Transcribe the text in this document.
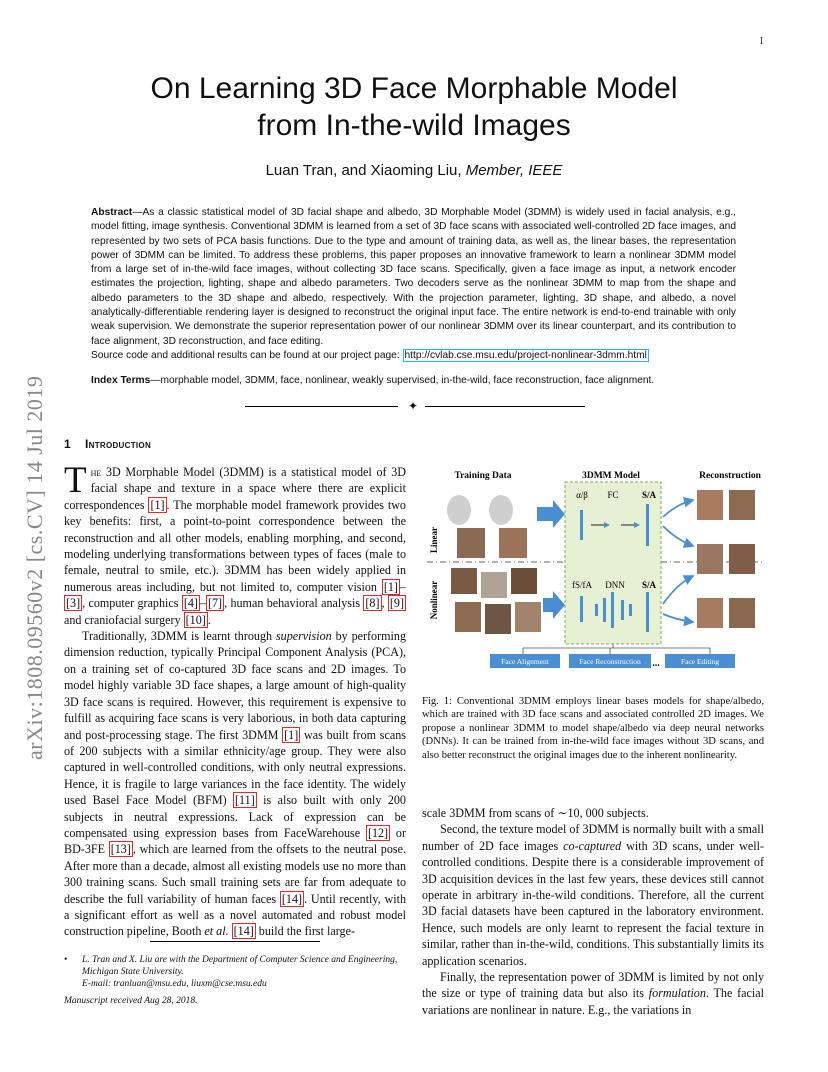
1
arXiv:1808.09560v2 [cs.CV] 14 Jul 2019
On Learning 3D Face Morphable Model
from In-the-wild Images
Luan Tran, and Xiaoming Liu, Member, IEEE
Abstract—As a classic statistical model of 3D facial shape and albedo, 3D Morphable Model (3DMM) is widely used in facial analysis, e.g., model fitting, image synthesis. Conventional 3DMM is learned from a set of 3D face scans with associated well-controlled 2D face images, and represented by two sets of PCA basis functions. Due to the type and amount of training data, as well as, the linear bases, the representation power of 3DMM can be limited. To address these problems, this paper proposes an innovative framework to learn a nonlinear 3DMM model from a large set of in-the-wild face images, without collecting 3D face scans. Specifically, given a face image as input, a network encoder estimates the projection, lighting, shape and albedo parameters. Two decoders serve as the nonlinear 3DMM to map from the shape and albedo parameters to the 3D shape and albedo, respectively. With the projection parameter, lighting, 3D shape, and albedo, a novel analytically-differentiable rendering layer is designed to reconstruct the original input face. The entire network is end-to-end trainable with only weak supervision. We demonstrate the superior representation power of our nonlinear 3DMM over its linear counterpart, and its contribution to face alignment, 3D reconstruction, and face editing.
Source code and additional results can be found at our project page: http://cvlab.cse.msu.edu/project-nonlinear-3dmm.html
Index Terms—morphable model, 3DMM, face, nonlinear, weakly supervised, in-the-wild, face reconstruction, face alignment.
✦
1 Introduction

The 3D Morphable Model (3DMM) is a statistical model of 3D facial shape and texture in a space where there are explicit correspondences [1] . The morphable model framework provides two key benefits: first, a point-to-point correspondence between the reconstruction and all other models, enabling morphing, and second, modeling underlying transformations between types of faces (male to female, neutral to smile, etc.). 3DMM has been widely applied in numerous areas including, but not limited to, computer vision [1] –[3] , computer graphics [4] – [7] , human behavioral analysis [8] , [9] and craniofacial surgery [10] .

Traditionally, 3DMM is learnt through supervision by performing dimension reduction, typically Principal Component Analysis (PCA), on a training set of co-captured 3D face scans and 2D images. To model highly variable 3D face shapes, a large amount of high-quality 3D face scans is required. However, this requirement is expensive to fulfill as acquiring face scans is very laborious, in both data capturing and post-processing stage. The first 3DMM [1] was built from scans of 200 subjects with a similar ethnicity/age group. They were also captured in well-controlled conditions, with only neutral expressions. Hence, it is fragile to large variances in the face identity. The widely used Basel Face Model (BFM) [11] is also built with only 200 subjects in neutral expressions. Lack of expression can be compensated using expression bases from FaceWarehouse [12] or BD-3FE [13] , which are learned from the offsets to the neutral pose. After more than a decade, almost all existing models use no more than 300 training scans. Such small training sets are far from adequate to describe the full variability of human faces [14] . Until recently, with a significant effort as well as a novel automated and robust model construction pipeline, Booth et al. [14] build the first large-

• L. Tran and X. Liu are with the Department of Computer Science and Engineering, Michigan State University.
E-mail: tranluan@msu.edu, liuxm@cse.msu.edu
Manuscript received Aug 28, 2018.
Training Data	3DMM Model	Reconstruction
Linear
Nonlinear
α/β FC	S/A
fS/fA DNN S/A
Face Alignment	Face Reconstruction ...	Face Editing
Fig. 1: Conventional 3DMM employs linear bases models for shape/albedo, which are trained with 3D face scans and associated controlled 2D images. We propose a nonlinear 3DMM to model shape/albedo via deep neural networks (DNNs). It can be trained from in-the-wild face images without 3D scans, and also better reconstruct the original images due to the inherent nonlinearity.

scale 3DMM from scans of ∼10, 000 subjects.

Second, the texture model of 3DMM is normally built with a small number of 2D face images co-captured with 3D scans, under well-controlled conditions. Despite there is a considerable improvement of 3D acquisition devices in the last few years, these devices still cannot operate in arbitrary in-the-wild conditions. Therefore, all the current 3D facial datasets have been captured in the laboratory environment. Hence, such models are only learnt to represent the facial texture in similar, rather than in-the-wild, conditions. This substantially limits its application scenarios.

Finally, the representation power of 3DMM is limited by not only the size or type of training data but also its formulation. The facial variations are nonlinear in nature. E.g., the variations in
